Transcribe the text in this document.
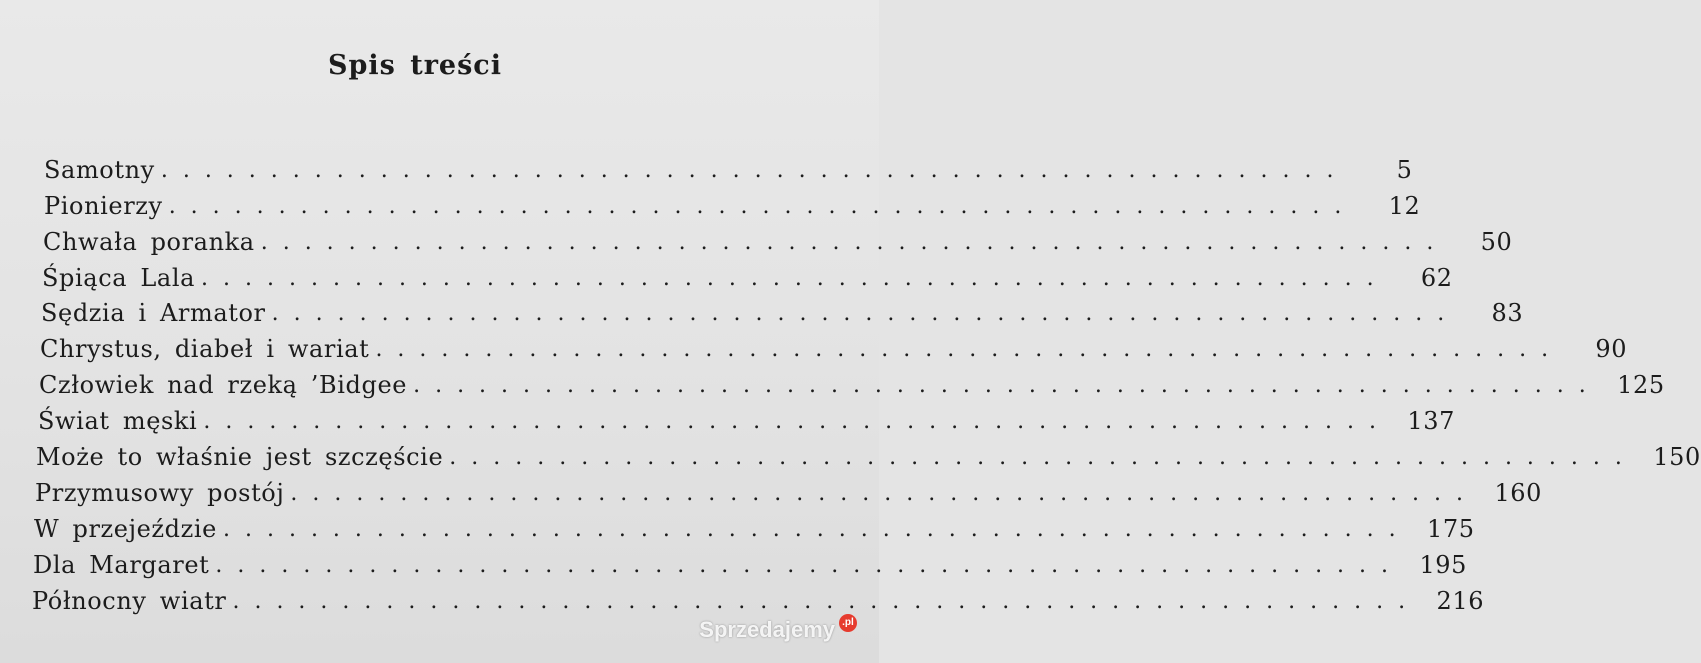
Spis treści
Samotny ......................................................	5
Pionierzy ......................................................	12
Chwała poranka ......................................................	50
Śpiąca Lala ......................................................	62
Sędzia i Armator ......................................................	83
Chrystus, diabeł i wariat ......................................................	90
Człowiek nad rzeką ’Bidgee ...................................................... 125
Świat męski ...................................................... 137
Może to właśnie jest szczęście ...................................................... 150
Przymusowy postój ...................................................... 160
W przejeździe ...................................................... 175
Dla Margaret ...................................................... 195
Północny wiatr ...................................................... 216
Sprzedajemy .pl
